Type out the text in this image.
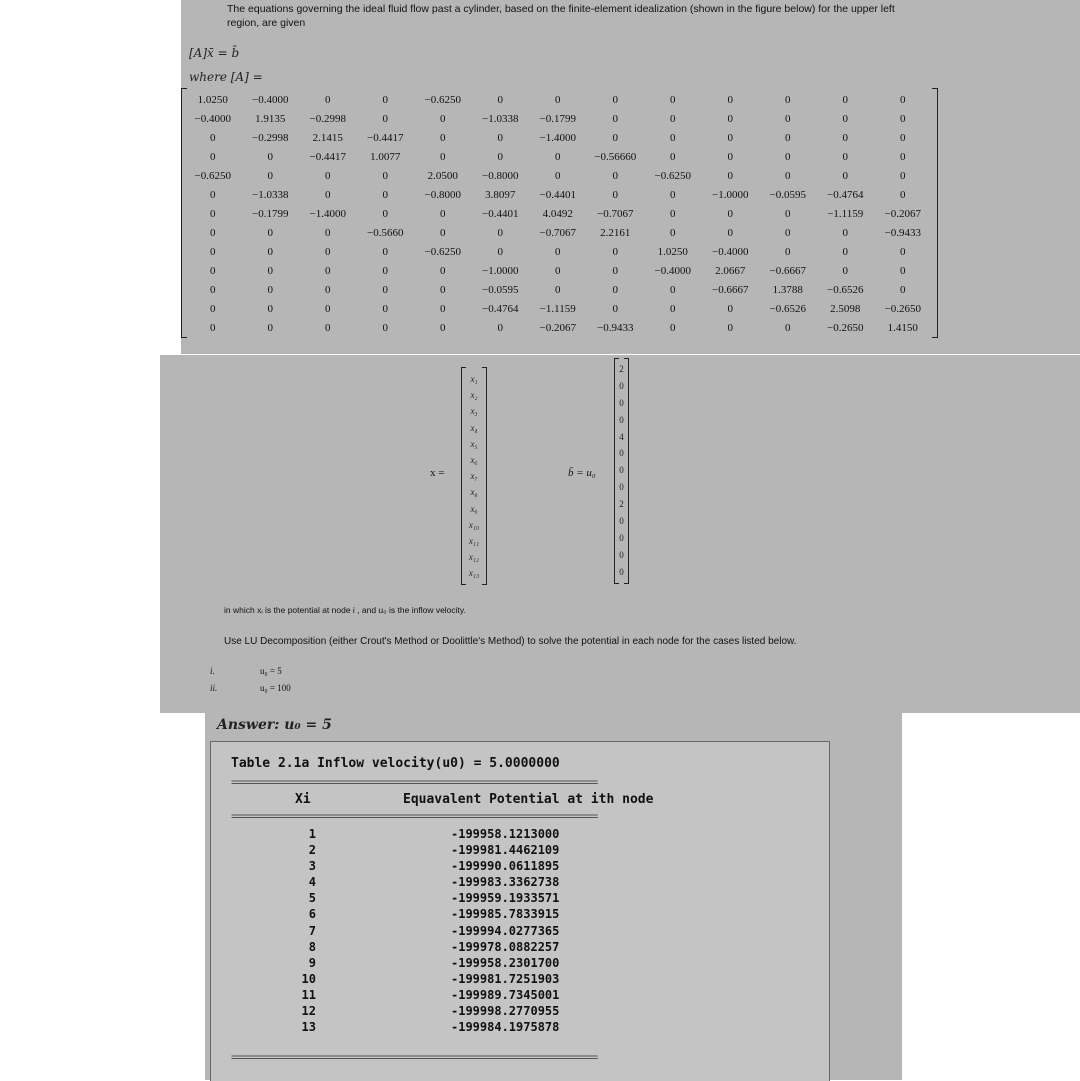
The equations governing the ideal fluid flow past a cylinder, based on the finite-element idealization (shown in the figure below) for the upper left region, are given
[A]x̄ = b̄
where [A] =
1.0250	−0.4000	0	0	−0.6250	0	0	0	0	0	0	0	0
−0.4000	1.9135	−0.2998	0	0	−1.0338	−0.1799	0	0	0	0	0	0
0	−0.2998	2.1415	−0.4417	0	0	−1.4000	0	0	0	0	0	0
0	0	−0.4417	1.0077	0	0	0	−0.56660	0	0	0	0	0
−0.6250	0	0	0	2.0500	−0.8000	0	0	−0.6250	0	0	0	0
0	−1.0338	0	0	−0.8000	3.8097	−0.4401	0	0	−1.0000	−0.0595	−0.4764	0
0	−0.1799	−1.4000	0	0	−0.4401	4.0492	−0.7067	0	0	0	−1.1159	−0.2067
0	0	0	−0.5660	0	0	−0.7067	2.2161	0	0	0	0	−0.9433
0	0	0	0	−0.6250	0	0	0	1.0250	−0.4000	0	0	0
0	0	0	0	0	−1.0000	0	0	−0.4000	2.0667	−0.6667	0	0
0	0	0	0	0	−0.0595	0	0	0	−0.6667	1.3788	−0.6526	0
0	0	0	0	0	−0.4764	−1.1159	0	0	0	−0.6526	2.5098	−0.2650
0	0	0	0	0	0	−0.2067	−0.9433	0	0	0	−0.2650	1.4150
x =
x₁
x₂
x₃
x₄
x₅
x₆
x₇
x₈
x₉
x₁₀
x₁₁
x₁₂
x₁₃
b̄ = u₀
2
0
0
0
4
0
0
0
2
0
0
0
0
in which xᵢ is the potential at node i , and u₀ is the inflow velocity.
Use LU Decomposition (either Crout's Method or Doolittle's Method) to solve the potential in each node for the cases listed below.
i.	u₀ = 5
ii.	u₀ = 100
Answer: u₀ = 5
Table 2.1a Inflow velocity(u0) = 5.0000000
=================================================================
Xi	Equavalent Potential at ith node
=================================================================
1	-199958.1213000
2	-199981.4462109
3	-199990.0611895
4	-199983.3362738
5	-199959.1933571
6	-199985.7833915
7	-199994.0277365
8	-199978.0882257
9	-199958.2301700
10	-199981.7251903
11	-199989.7345001
12	-199998.2770955
13	-199984.1975878
=================================================================
